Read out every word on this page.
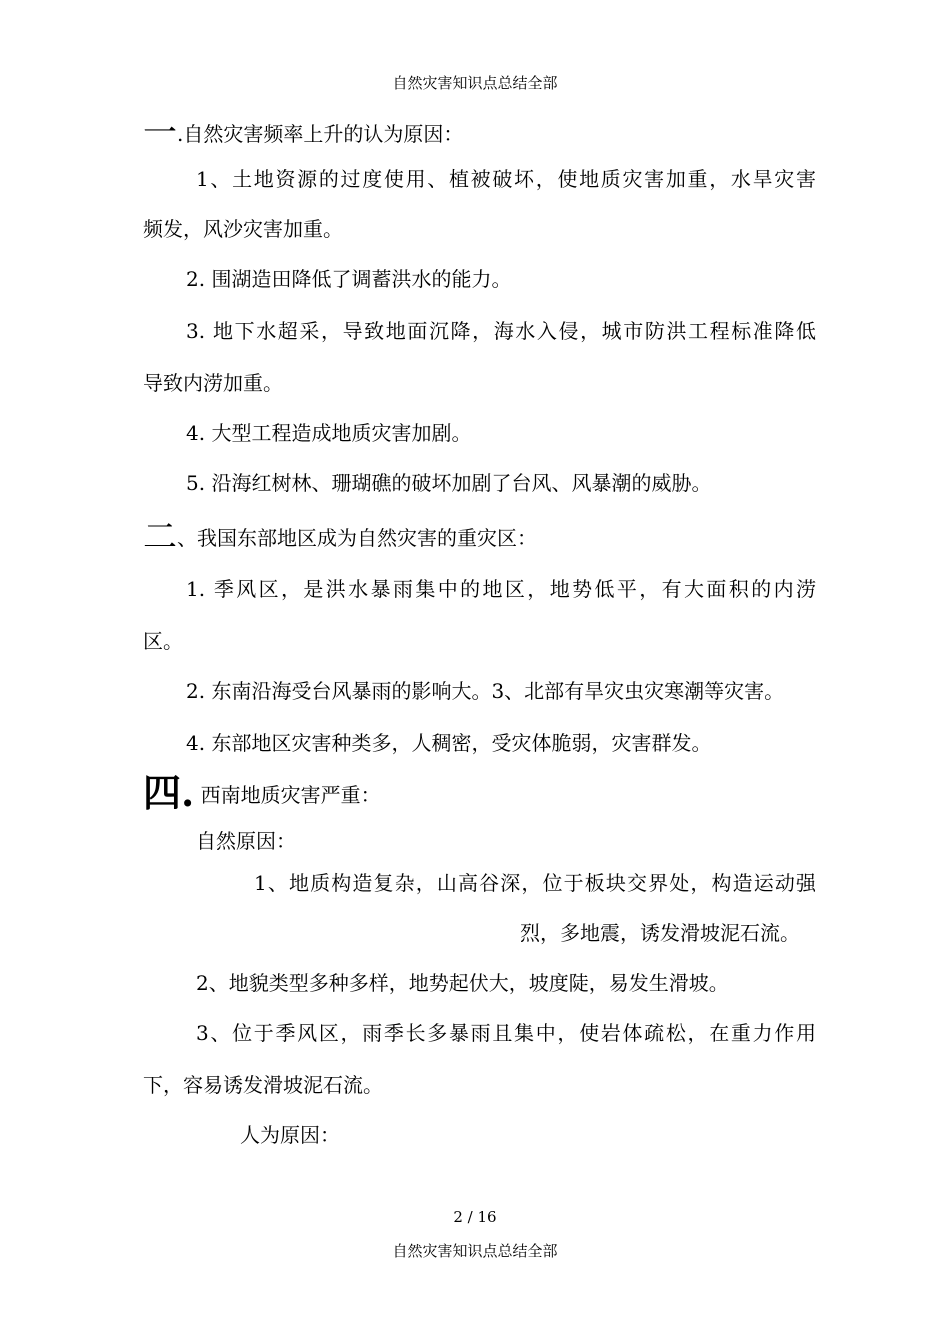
自然灾害知识点总结全部
一.自然灾害频率上升的认为原因：
1、土地资源的过度使用、植被破坏，使地质灾害加重，水旱灾害
频发，风沙灾害加重。
2. 围湖造田降低了调蓄洪水的能力。
3. 地下水超采，导致地面沉降，海水入侵，城市防洪工程标准降低
导致内涝加重。
4. 大型工程造成地质灾害加剧。
5. 沿海红树林、珊瑚礁的破坏加剧了台风、风暴潮的威胁。
二、我国东部地区成为自然灾害的重灾区：
1. 季风区，是洪水暴雨集中的地区，地势低平，有大面积的内涝
区。
2. 东南沿海受台风暴雨的影响大。3、北部有旱灾虫灾寒潮等灾害。
4. 东部地区灾害种类多，人稠密，受灾体脆弱，灾害群发。
四. 西南地质灾害严重：
自然原因：
1、地质构造复杂，山高谷深，位于板块交界处，构造运动强
烈，多地震，诱发滑坡泥石流。
2、地貌类型多种多样，地势起伏大，坡度陡，易发生滑坡。
3、位于季风区，雨季长多暴雨且集中，使岩体疏松，在重力作用
下，容易诱发滑坡泥石流。
人为原因：
2 / 16
自然灾害知识点总结全部
